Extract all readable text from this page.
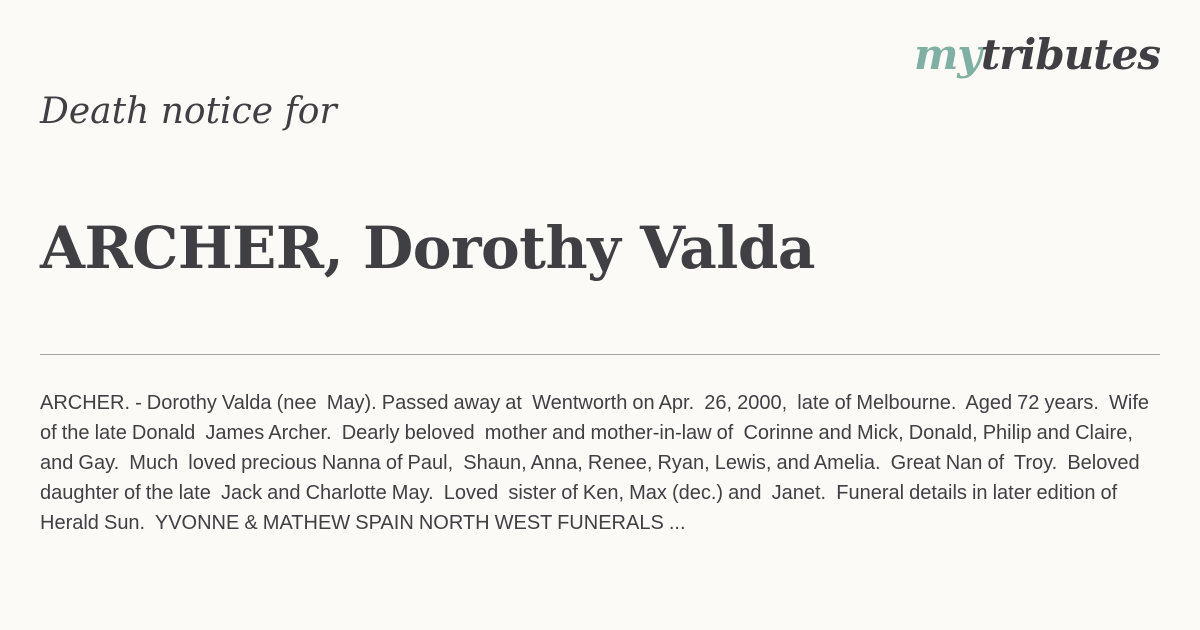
mytributes
Death notice for
ARCHER, Dorothy Valda
ARCHER. - Dorothy Valda (nee  May). Passed away at  Wentworth on Apr.  26, 2000,  late of Melbourne.  Aged 72 years.  Wife of the late Donald  James Archer.  Dearly beloved  mother and mother-in-law of  Corinne and Mick, Donald, Philip and Claire, and Gay.  Much  loved precious Nanna of Paul,  Shaun, Anna, Renee, Ryan, Lewis, and Amelia.  Great Nan of  Troy.  Beloved daughter of the late  Jack and Charlotte May.  Loved  sister of Ken, Max (dec.) and  Janet.  Funeral details in later edition of Herald Sun.  YVONNE & MATHEW SPAIN NORTH WEST FUNERALS ...
